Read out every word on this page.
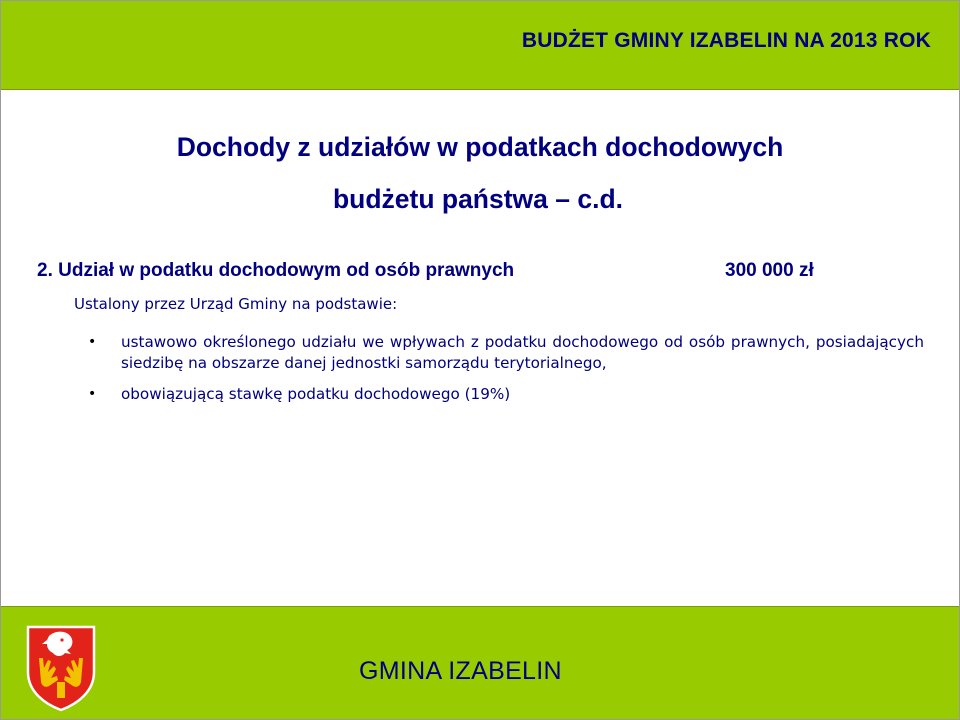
BUDŻET GMINY IZABELIN NA 2013 ROK
Dochody z udziałów w podatkach dochodowych
budżetu państwa – c.d.
2. Udział w podatku dochodowym od osób prawnych	300 000 zł
Ustalony przez Urząd Gminy na podstawie:
• ustawowo określonego udziału we wpływach z podatku dochodowego od osób prawnych, posiadających siedzibę na obszarze danej jednostki samorządu terytorialnego,
• obowiązującą stawkę podatku dochodowego (19%)
GMINA IZABELIN
